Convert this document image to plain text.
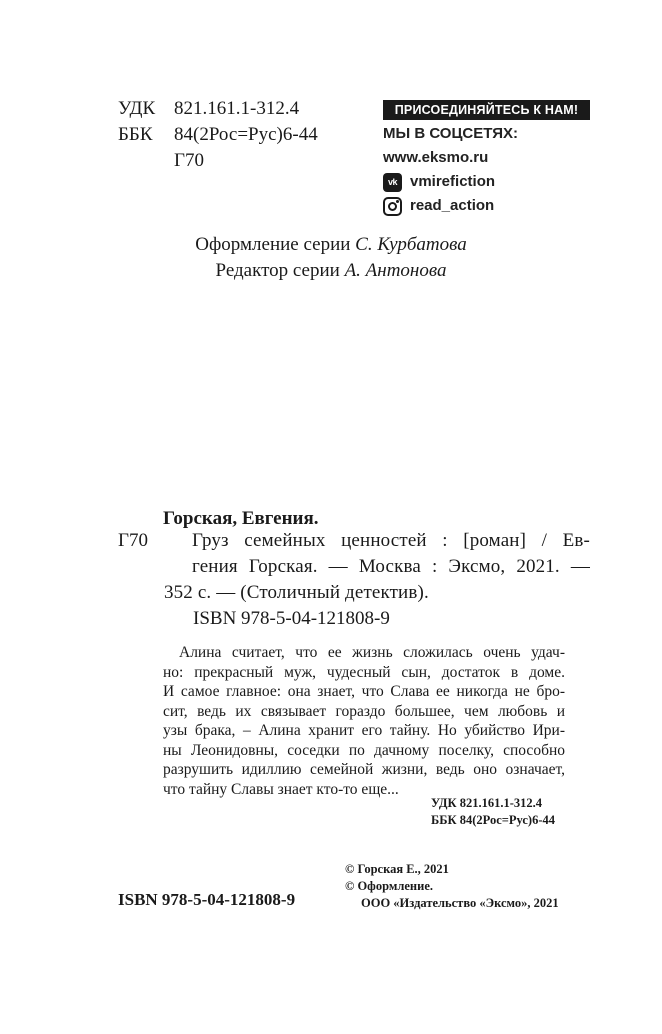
УДК 821.161.1-312.4
ББК 84(2Рос=Рус)6-44
Г70
ПРИСОЕДИНЯЙТЕСЬ К НАМ!
МЫ В СОЦСЕТЯХ:
www.eksmo.ru
vk vmirefiction
read_action
Оформление серии С. Курбатова
Редактор серии А. Антонова
Горская, Евгения.
Г70 Груз семейных ценностей : [роман] / Ев-
гения Горская. — Москва : Эксмо, 2021. —
352 с. — (Столичный детектив).
ISBN 978-5-04-121808-9
Алина считает, что ее жизнь сложилась очень удач-
но: прекрасный муж, чудесный сын, достаток в доме.
И самое главное: она знает, что Слава ее никогда не бро-
сит, ведь их связывает гораздо большее, чем любовь и
узы брака, – Алина хранит его тайну. Но убийство Ири-
ны Леонидовны, соседки по дачному поселку, способно
разрушить идиллию семейной жизни, ведь оно означает,
что тайну Славы знает кто-то еще...
УДК 821.161.1-312.4
ББК 84(2Рос=Рус)6-44
© Горская Е., 2021
© Оформление.
ООО «Издательство «Эксмо», 2021
ISBN 978-5-04-121808-9
